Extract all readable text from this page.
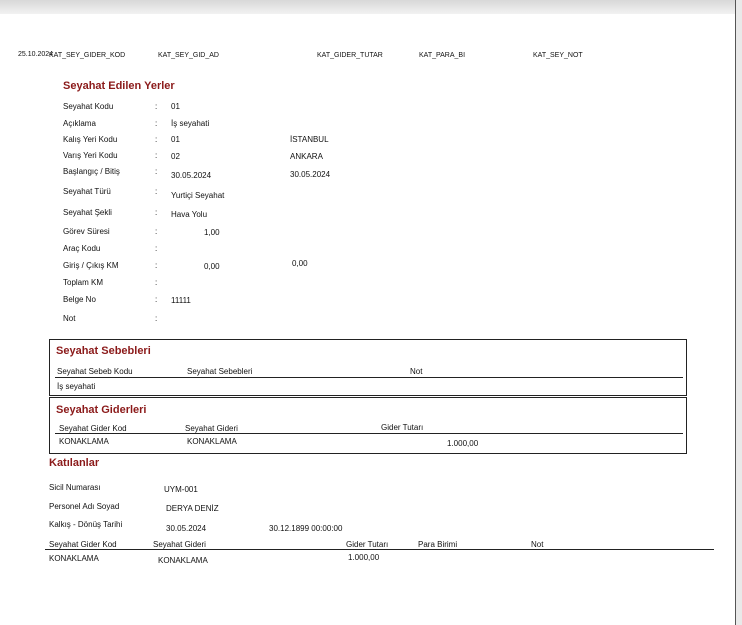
25.10.2024
KAT_SEY_GIDER_KOD	KAT_SEY_GID_AD	KAT_GIDER_TUTAR	KAT_PARA_BI	KAT_SEY_NOT
Seyahat Edilen Yerler
Seyahat Kodu	: 01
Açıklama	: İş seyahati
Kalış Yeri Kodu	: 01	İSTANBUL
Varış Yeri Kodu	: 02	ANKARA
Başlangıç / Bitiş	: 30.05.2024	30.05.2024
Seyahat Türü	: Yurtiçi Seyahat
Seyahat Şekli	: Hava Yolu
Görev Süresi	:	1,00
Araç Kodu	:
Giriş / Çıkış KM	:	0,00	0,00
Toplam KM	:
Belge No	: 11111
Not	:
Seyahat Sebebleri
Seyahat Sebeb Kodu	Seyahat Sebebleri	Not
İş seyahati
Seyahat Giderleri
Seyahat Gider Kod	Seyahat Gideri	Gider Tutarı
KONAKLAMA	KONAKLAMA	1.000,00
Katılanlar
Sicil Numarası	UYM-001
Personel Adı Soyad	DERYA DENİZ
Kalkış - Dönüş Tarihi	30.05.2024	30.12.1899 00:00:00
Seyahat Gider Kod	Seyahat Gideri	Gider Tutarı	Para Birimi	Not
KONAKLAMA	KONAKLAMA	1.000,00
